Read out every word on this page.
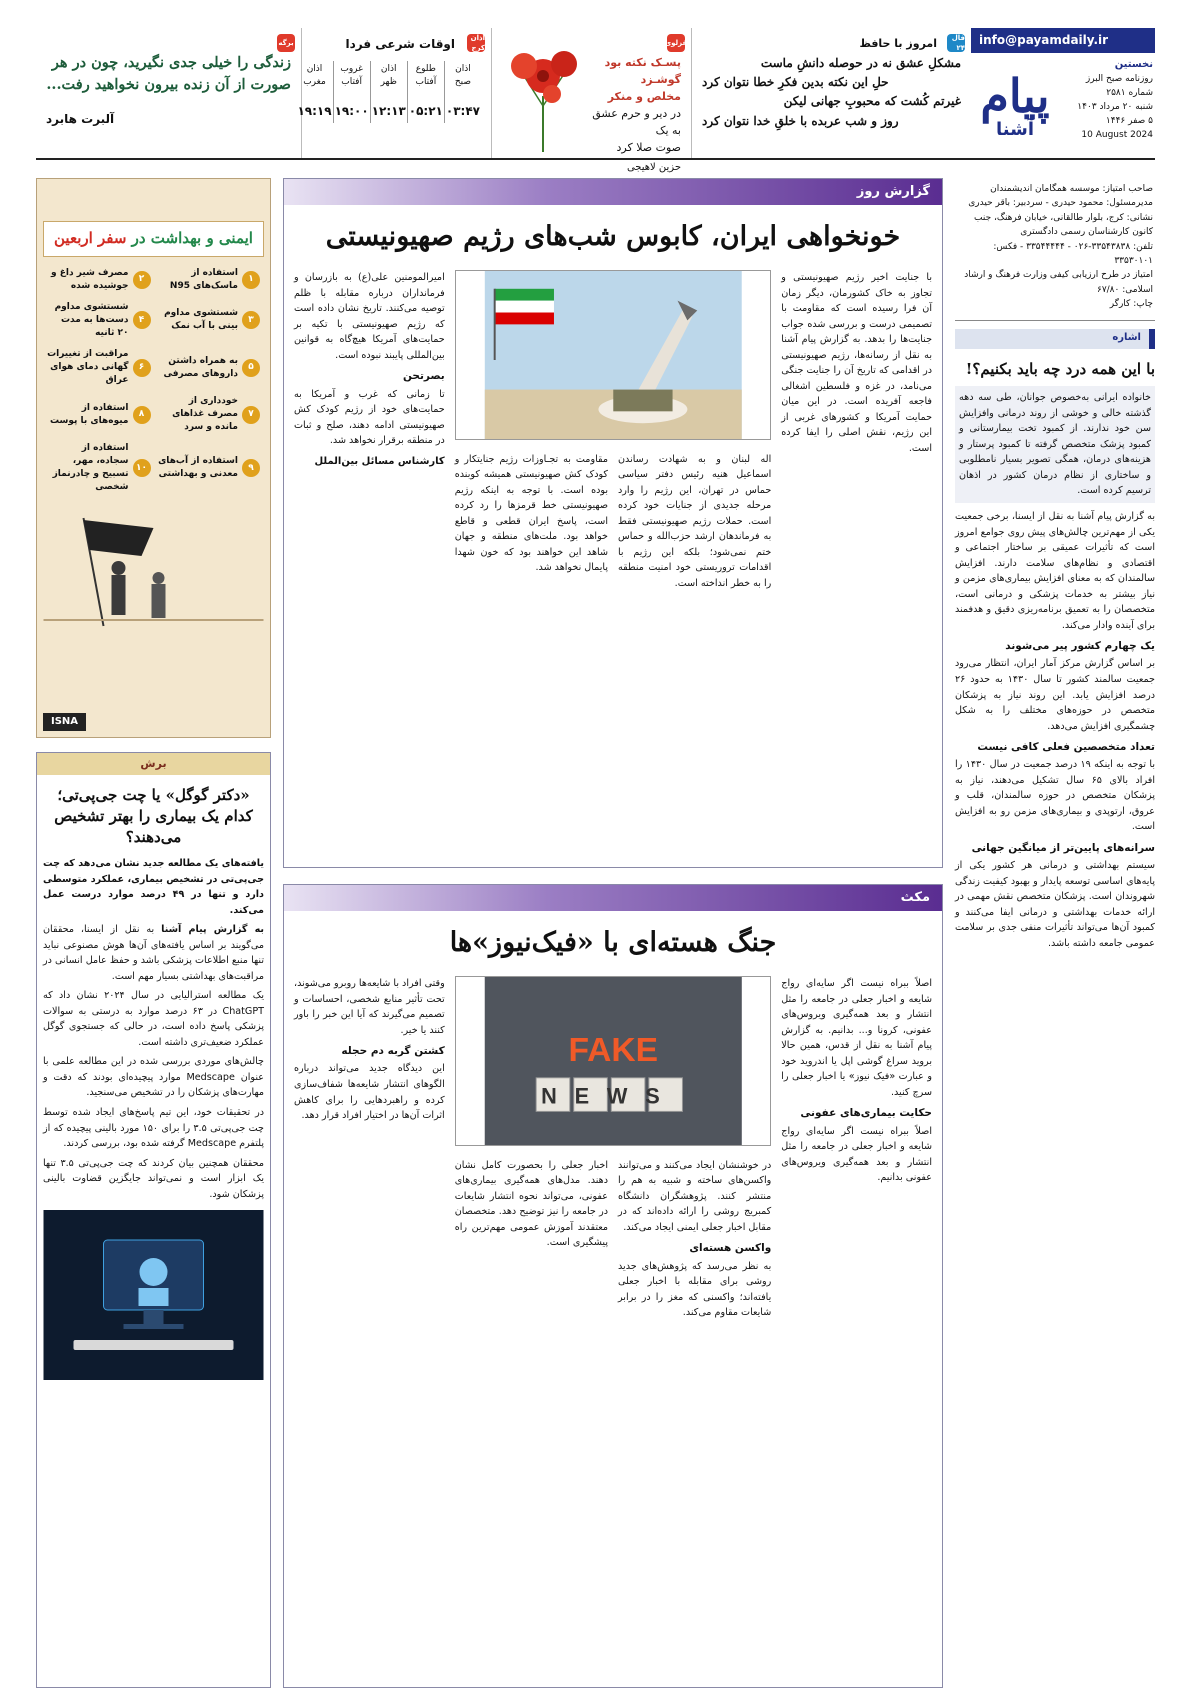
info@payamdaily.ir
نخستین
روزنامه صبح البرز
شماره ۲۵۸۱
شنبه ۲۰ مرداد ۱۴۰۳
۵ صفر ۱۴۴۶
10 August 2024
پیام
آشنا
فال ۲۴
امروز با حافظ
مشکلِ عشق نه در حوصله دانشِ ماست
حلِ این نکته بدین فکرِ خطا نتوان کرد
غیرتم کُشت که محبوبِ جهانی لیکن
روز و شب عربده با خلقِ خدا نتوان کرد
غزلوی
پسـک نکته بود گوشـزد
مخلص و منکر
در دیر و حرم عشق به یک
صوت صلا کرد
حزین لاهیجی
اذان کرج
اوقات شرعی فردا
اذان صبح	طلوع آفتاب	اذان ظهر	غروب آفتاب	اذان مغرب
۰۳:۴۷	۰۵:۲۱	۱۲:۱۳	۱۹:۰۰	۱۹:۱۹
برگه
زندگی را خیلی جدی نگیرید، چون در هر صورت از آن زنده بیرون نخواهید رفت...
آلبرت هابرد
صاحب امتیاز: موسسه همگامان اندیشمندان
مدیرمسئول: محمود حیدری - سردبیر: باقر حیدری
نشانی: کرج، بلوار طالقانی، خیابان فرهنگ، جنب کانون کارشناسان رسمی دادگستری
تلفن: ۳۳۵۴۳۸۳۸-۰۲۶ - ۳۳۵۴۴۴۴۴ - فکس: ۳۳۵۳۰۱۰۱
امتیاز در طرح ارزیابی کیفی وزارت فرهنگ و ارشاد اسلامی: ۶۷/۸۰
چاپ: کارگر
اشاره
با این همه درد چه باید بکنیم؟!

خانواده ایرانی به‌خصوص جوانان، طی سه دهه گذشته خالی و خوشی از روند درمانی وافزایش سن خود ندارند. از کمبود تخت بیمارستانی و کمبود پزشک متخصص گرفته تا کمبود پرستار و هزینه‌های درمان، همگی تصویر بسیار نامطلوبی و ساختاری از نظام درمان کشور در اذهان ترسیم کرده است.

به گزارش پیام آشنا به نقل از ایسنا، برخی جمعیت یکی از مهم‌ترین چالش‌های پیش روی جوامع امروز است که تأثیرات عمیقی بر ساختار اجتماعی و اقتصادی و نظام‌های سلامت دارند. افزایش سالمندان که به معنای افزایش بیماری‌های مزمن و نیاز بیشتر به خدمات پزشکی و درمانی است، متخصصان را به تعمیق برنامه‌ریزی دقیق و هدفمند برای آینده وادار می‌کند.

یک چهارم کشور پیر می‌شوند

بر اساس گزارش مرکز آمار ایران، انتظار می‌رود جمعیت سالمند کشور تا سال ۱۴۳۰ به حدود ۲۶ درصد افزایش یابد. این روند نیاز به پزشکان متخصص در حوزه‌های مختلف را به شکل چشمگیری افزایش می‌دهد.

تعداد متخصصین فعلی کافی نیست

با توجه به اینکه ۱۹ درصد جمعیت در سال ۱۴۳۰ را افراد بالای ۶۵ سال تشکیل می‌دهند، نیاز به پزشکان متخصص در حوزه سالمندان، قلب و عروق، ارتوپدی و بیماری‌های مزمن رو به افزایش است.

سرانه‌های پایین‌تر از میانگین جهانی

سیستم بهداشتی و درمانی هر کشور یکی از پایه‌های اساسی توسعه پایدار و بهبود کیفیت زندگی شهروندان است. پزشکان متخصص نقش مهمی در ارائه خدمات بهداشتی و درمانی ایفا می‌کنند و کمبود آن‌ها می‌تواند تأثیرات منفی جدی بر سلامت عمومی جامعه داشته باشد.

گزارش روز
خونخواهی ایران، کابوس شب‌های رژیم صهیونیستی

با جنایت اخیر رژیم صهیونیستی و تجاوز به خاک کشورمان، دیگر زمان آن فرا رسیده است که مقاومت با تصمیمی درست و بررسی شده جواب جنایت‌ها را بدهد. به گزارش پیام آشنا به نقل از رسانه‌ها، رژیم صهیونیستی در اقدامی که تاریخ آن را جنایت جنگی می‌نامد، در غزه و فلسطین اشغالی فاجعه آفریده است. در این میان حمایت آمریکا و کشورهای غربی از این رژیم، نقش اصلی را ایفا کرده است.

اله لبنان و به شهادت رساندن اسماعیل هنیه رئیس دفتر سیاسی حماس در تهران، این رژیم را وارد مرحله جدیدی از جنایات خود کرده است. حملات رژیم صهیونیستی فقط به فرماندهان ارشد حزب‌الله و حماس ختم نمی‌شود؛ بلکه این رژیم با اقدامات تروریستی خود امنیت منطقه را به خطر انداخته است.

مقاومت به تجـاوزات رژیم جنایتکار و کودک کش صهیونیستی همیشه کوبنده بوده است. با توجه به اینکه رژیم صهیونیستی خط قرمزها را رد کرده است، پاسخ ایران قطعی و قاطع خواهد بود. ملت‌های منطقه و جهان شاهد این خواهند بود که خون شهدا پایمال نخواهد شد.

امیرالمومنین علی(ع) به بازرسان و فرمانداران درباره مقابله با ظلم توصیه می‌کنند. تاریخ نشان داده است که رژیم صهیونیستی با تکیه بر حمایت‌های آمریکا هیچ‌گاه به قوانین بین‌المللی پایبند نبوده است.

بصرتحن

تا زمانی که غرب و آمریکا به حمایت‌های خود از رژیم کودک کش صهیونیستی ادامه دهند، صلح و ثبات در منطقه برقرار نخواهد شد.

کارشناس مسائل بین‌الملل
مکث
جنگ هسته‌ای با «فیک‌نیوز»ها

اصلاً ببراه نیست اگر سایه‌ای رواج شایعه و اخبار جعلی در جامعه را مثل انتشار و بعد همه‌گیری ویروس‌های عفونی، کرونا و... بدانیم. به گزارش پیام آشنا به نقل از قدس، همین حالا بروید سراغ گوشی اپل یا اندروید خود و عبارت «فیک نیوز» یا اخبار جعلی را سرچ کنید.

حکایت بیماری‌های عفونی

اصلاً ببراه نیست اگر سایه‌ای رواج شایعه و اخبار جعلی در جامعه را مثل انتشار و بعد همه‌گیری ویروس‌های عفونی بدانیم.

FAKE
NEWS

در خوشنشان ایجاد می‌کنند و می‌توانند واکسن‌های ساخته و شبیه به هم را منتشر کنند. پژوهشگران دانشگاه کمبریج روشی را ارائه داده‌اند که در مقابل اخبار جعلی ایمنی ایجاد می‌کند.

واکسن هسته‌ای

به نظر می‌رسد که پژوهش‌های جدید روشی برای مقابله با اخبار جعلی یافته‌اند؛ واکسنی که مغز را در برابر شایعات مقاوم می‌کند.

اخبار جعلی را بحصورت کامل نشان دهند. مدل‌های همه‌گیری بیماری‌های عفونی، می‌تواند نحوه انتشار شایعات در جامعه را نیز توضیح دهد. متخصصان معتقدند آموزش عمومی مهم‌ترین راه پیشگیری است.

وقتی افراد با شایعه‌ها روبرو می‌شوند، تحت تأثیر منابع شخصی، احساسات و تصمیم می‌گیرند که آیا این خبر را باور کنند یا خیر.

کشتن گربه دم حجله

این دیدگاه جدید می‌تواند درباره الگوهای انتشار شایعه‌ها شفاف‌سازی کرده و راهبردهایی را برای کاهش اثرات آن‌ها در اختیار افراد قرار دهد.

ایمنی و بهداشت در سفر اربعین
۱
استفاده از ماسک‌های N95
۲
مصرف شیر داغ و جوشیده شده
۳
شستشوی مداوم بینی با آب نمک
۴
شستشوی مداوم دست‌ها به مدت ۲۰ ثانیه
۵
به همراه داشتن داروهای مصرفی
۶
مراقبت از تغییرات گهانی دمای هوای عراق
۷
خودداری از مصرف غذاهای مانده و سرد
۸
استفاده از میوه‌های با پوست
۹
استفاده از آب‌های معدنی و بهداشتی
۱۰
استفاده از سجاده، مهر، تسبیح و چادرنماز شخصی
ISNA
برش
«دکتر گوگل» یا چت جی‌پی‌تی؛ کدام یک بیماری را بهتر تشخیص می‌دهند؟

یافته‌های یک مطالعه جدید نشان می‌دهد که چت جی‌پی‌تی در تشخیص بیماری، عملکرد متوسطی دارد و تنها در ۴۹ درصد موارد درست عمل می‌کند.

به گزارش پیام آشنا به نقل از ایسنا، محققان می‌گویند بر اساس یافته‌های آن‌ها هوش مصنوعی نباید تنها منبع اطلاعات پزشکی باشد و حفظ عامل انسانی در مراقبت‌های بهداشتی بسیار مهم است.

یک مطالعه استرالیایی در سال ۲۰۲۴ نشان داد که ChatGPT در ۶۳ درصد موارد به درستی به سوالات پزشکی پاسخ داده است، در حالی که جستجوی گوگل عملکرد ضعیف‌تری داشته است.

چالش‌های موردی بررسی شده در این مطالعه علمی با عنوان Medscape موارد پیچیده‌ای بودند که دقت و مهارت‌های پزشکان را در تشخیص می‌سنجید.

در تحقیقات خود، این تیم پاسخ‌های ایجاد شده توسط چت جی‌پی‌تی ۳.۵ را برای ۱۵۰ مورد بالینی پیچیده که از پلتفرم Medscape گرفته شده بود، بررسی کردند.

محققان همچنین بیان کردند که چت جی‌پی‌تی ۳.۵ تنها یک ابزار است و نمی‌تواند جایگزین قضاوت بالینی پزشکان شود.
